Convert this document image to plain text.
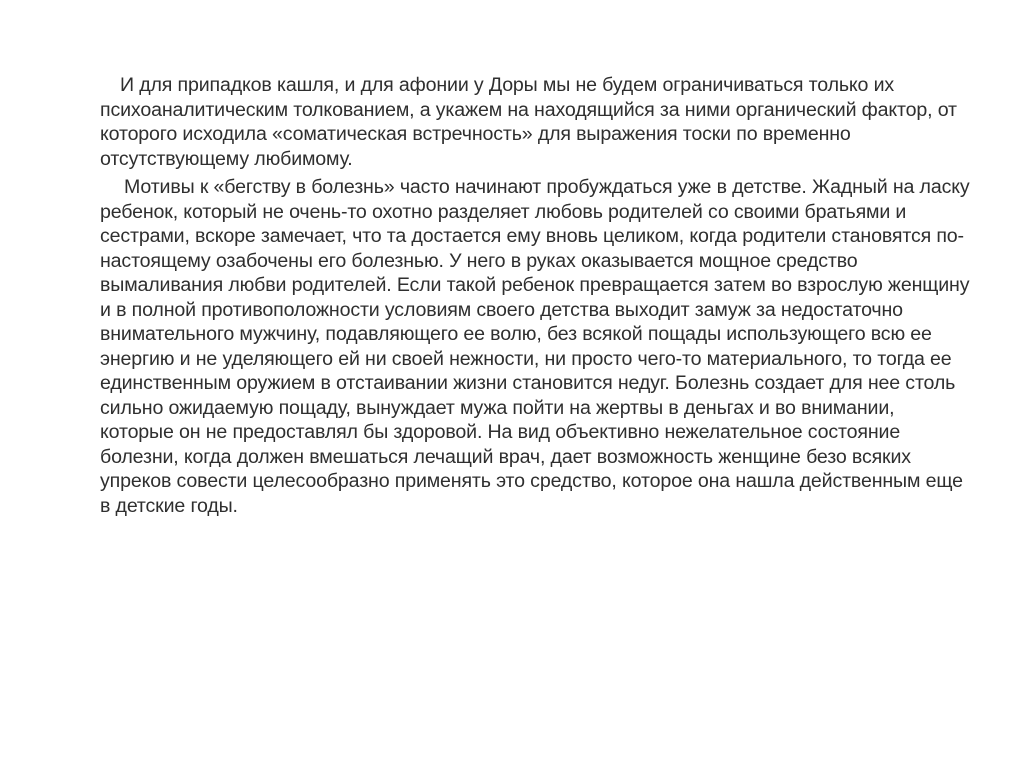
И для припадков кашля, и для афонии у Доры мы не будем ограничиваться только их психоаналитическим толкованием, а укажем на находящийся за ними органический фактор, от которого исходила «соматическая встречность» для выражения тоски по временно отсутствующему любимому.

Мотивы к «бегству в болезнь» часто начинают пробуждаться уже в детстве. Жадный на ласку ребенок, который не очень-то охотно разделяет любовь родителей со своими братьями и сестрами, вскоре замечает, что та достается ему вновь целиком, когда родители становятся по-настоящему озабочены его болезнью. У него в руках оказывается мощное средство вымаливания любви родителей. Если такой ребенок превращается затем во взрослую женщину и в полной противоположности условиям своего детства выходит замуж за недостаточно внимательного мужчину, подавляющего ее волю, без всякой пощады использующего всю ее энергию и не уделяющего ей ни своей нежности, ни просто чего-то материального, то тогда ее единственным оружием в отстаивании жизни становится недуг. Болезнь создает для нее столь сильно ожидаемую пощаду, вынуждает мужа пойти на жертвы в деньгах и во внимании, которые он не предоставлял бы здоровой. На вид объективно нежелательное состояние болезни, когда должен вмешаться лечащий врач, дает возможность женщине безо всяких упреков совести целесообразно применять это средство, которое она нашла действенным еще в детские годы.
